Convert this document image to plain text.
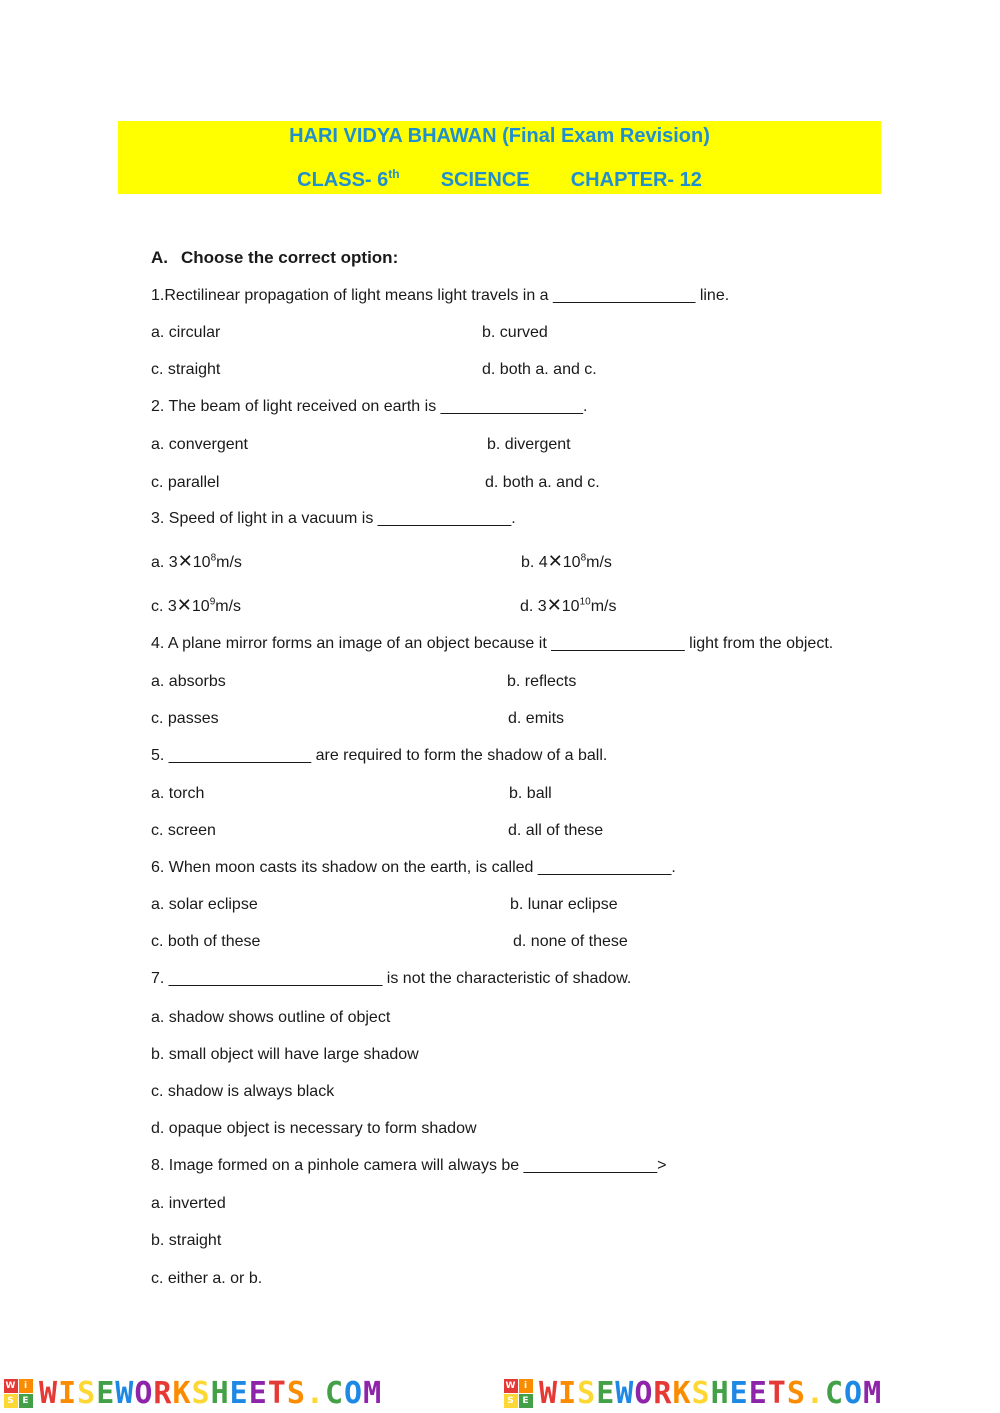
HARI VIDYA BHAWAN (Final Exam Revision)
CLASS- 6th SCIENCE CHAPTER- 12
A. Choose the correct option:
1.Rectilinear propagation of light means light travels in a ________________ line.
a. circular	b. curved
c. straight	d. both a. and c.
2. The beam of light received on earth is ________________.
a. convergent	b. divergent
c. parallel	d. both a. and c.
3. Speed of light in a vacuum is _______________.
a. $3✕10^8m/s$	b. $4✕10^8m/s$
c. $3✕10^9m/s$	d. $3✕10^{10}m/s$
4. A plane mirror forms an image of an object because it _______________ light from the object.
a. absorbs	b. reflects
c. passes	d. emits
5. ________________ are required to form the shadow of a ball.
a. torch	b. ball
c. screen	d. all of these
6. When moon casts its shadow on the earth, is called _______________.
a. solar eclipse	b. lunar eclipse
c. both of these	d. none of these
7. ________________________ is not the characteristic of shadow.
a. shadow shows outline of object
b. small object will have large shadow
c. shadow is always black
d. opaque object is necessary to form shadow
8. Image formed on a pinhole camera will always be _______________>
a. inverted
b. straight
c. either a. or b.
W i
S E WISEWORKSHEETS.COM	W i
S E WISEWORKSHEETS.COM
